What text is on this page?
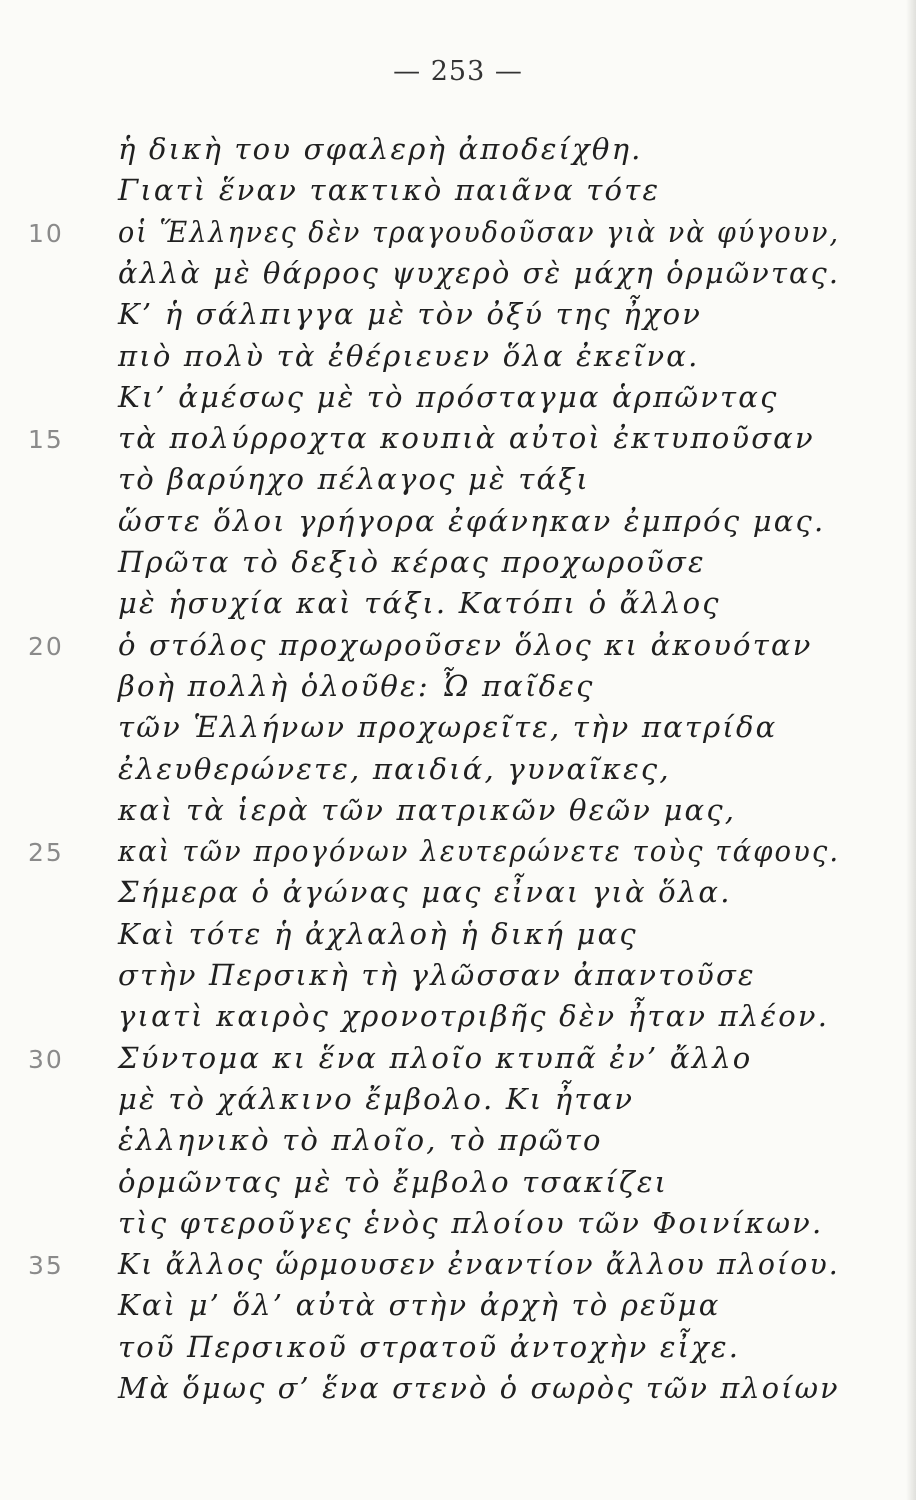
— 253 —
ἡ δικὴ του σφαλερὴ ἀποδείχθη.
Γιατὶ ἕναν τακτικὸ παιᾶνα τότε
10	οἱ Ἕλληνες δὲν τραγουδοῦσαν γιὰ νὰ φύγουν,
ἀλλὰ μὲ θάρρος ψυχερὸ σὲ μάχη ὁρμῶντας.
Κ’ ἡ σάλπιγγα μὲ τὸν ὀξύ της ἦχον
πιὸ πολὺ τὰ ἐθέριευεν ὅλα ἐκεῖνα.
Κι’ ἀμέσως μὲ τὸ πρόσταγμα ἁρπῶντας
15	τὰ πολύρροχτα κουπιὰ αὐτοὶ ἐκτυποῦσαν
τὸ βαρύηχο πέλαγος μὲ τάξι
ὥστε ὅλοι γρήγορα ἐφάνηκαν ἐμπρός μας.
Πρῶτα τὸ δεξιὸ κέρας προχωροῦσε
μὲ ἡσυχία καὶ τάξι. Κατόπι ὁ ἄλλος
20	ὁ στόλος προχωροῦσεν ὅλος κι ἀκουόταν
βοὴ πολλὴ ὁλοῦθε: Ὦ παῖδες
τῶν Ἑλλήνων προχωρεῖτε, τὴν πατρίδα
ἐλευθερώνετε, παιδιά, γυναῖκες,
καὶ τὰ ἱερὰ τῶν πατρικῶν θεῶν μας,
25	καὶ τῶν προγόνων λευτερώνετε τοὺς τάφους.
Σήμερα ὁ ἀγώνας μας εἶναι γιὰ ὅλα.
Καὶ τότε ἡ ἀχλαλοὴ ἡ δική μας
στὴν Περσικὴ τὴ γλῶσσαν ἀπαντοῦσε
γιατὶ καιρὸς χρονοτριβῆς δὲν ἦταν πλέον.
30	Σύντομα κι ἕνα πλοῖο κτυπᾶ ἐν’ ἄλλο
μὲ τὸ χάλκινο ἔμβολο. Κι ἦταν
ἑλληνικὸ τὸ πλοῖο, τὸ πρῶτο
ὁρμῶντας μὲ τὸ ἔμβολο τσακίζει
τὶς φτεροῦγες ἑνὸς πλοίου τῶν Φοινίκων.
35	Κι ἄλλος ὥρμουσεν ἐναντίον ἄλλου πλοίου.
Καὶ μ’ ὅλ’ αὐτὰ στὴν ἀρχὴ τὸ ρεῦμα
τοῦ Περσικοῦ στρατοῦ ἀντοχὴν εἶχε.
Μὰ ὅμως σ’ ἕνα στενὸ ὁ σωρὸς τῶν πλοίων
